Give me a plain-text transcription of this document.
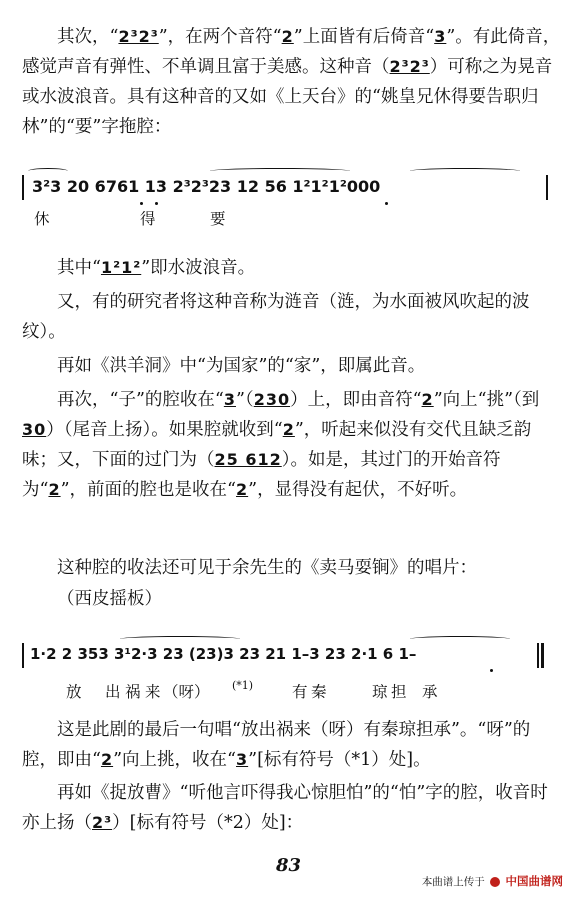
其次，“2³2³”，在两个音符“2”上面皆有后倚音“3”。有此倚音，感觉声音有弹性、不单调且富于美感。这种音（2³2³）可称之为晃音或水波浪音。具有这种音的又如《上天台》的“姚皇兄休得要告职归林”的“要”字拖腔：
3²3 20 6761 13 2³2³23 12 56 1²1²1²000
休	得	要
其中“1²1²”即水波浪音。
又，有的研究者将这种音称为涟音（涟，为水面被风吹起的波纹）。
再如《洪羊洞》中“为国家”的“家”，即属此音。
再次，“子”的腔收在“3”（230）上，即由音符“2”向上“挑”（到30）（尾音上扬）。如果腔就收到“2”，听起来似没有交代且缺乏韵味；又，下面的过门为（25 612）。如是，其过门的开始音符为“2”，前面的腔也是收在“2”，显得没有起伏，不好听。
这种腔的收法还可见于余先生的《卖马耍锏》的唱片：
（西皮摇板）
1·2 2 353 3¹2·3 23 (23)3 23 21 1–3 23 2·1 6 1–
放 出 祸 来 （呀） (*1)	有 秦	琼 担 承
这是此剧的最后一句唱“放出祸来（呀）有秦琼担承”。“呀”的腔，即由“2”向上挑，收在“3”[标有符号（*1）处]。
再如《捉放曹》“听他言吓得我心惊胆怕”的“怕”字的腔，收音时亦上扬（2³）[标有符号（*2）处]：
83
本曲谱上传于 中国曲谱网
